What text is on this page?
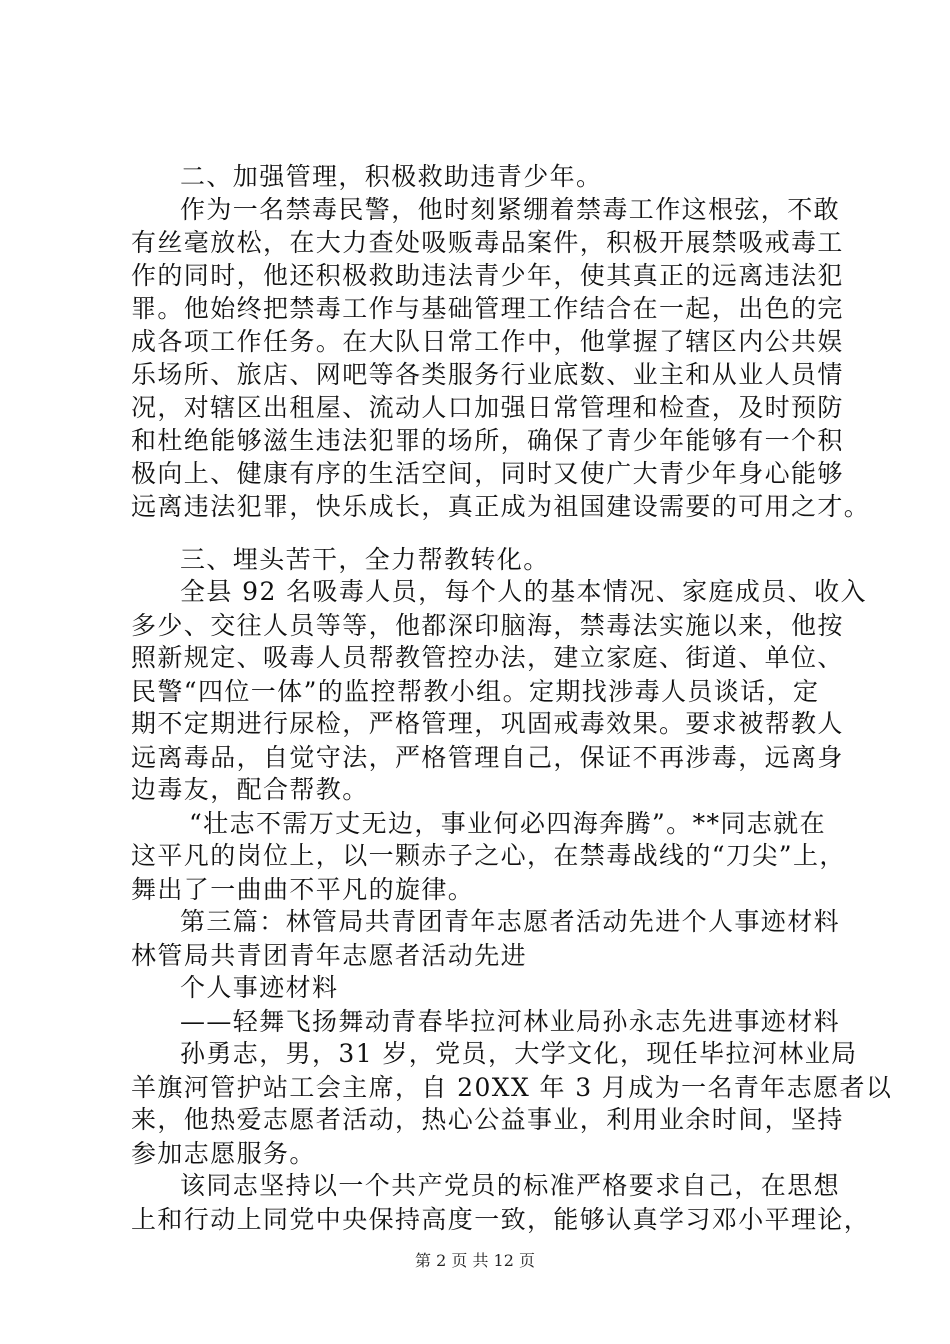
二、加强管理，积极救助违青少年。
作为一名禁毒民警，他时刻紧绷着禁毒工作这根弦，不敢
有丝毫放松，在大力查处吸贩毒品案件，积极开展禁吸戒毒工
作的同时，他还积极救助违法青少年，使其真正的远离违法犯
罪。他始终把禁毒工作与基础管理工作结合在一起，出色的完
成各项工作任务。在大队日常工作中，他掌握了辖区内公共娱
乐场所、旅店、网吧等各类服务行业底数、业主和从业人员情
况，对辖区出租屋、流动人口加强日常管理和检查，及时预防
和杜绝能够滋生违法犯罪的场所，确保了青少年能够有一个积
极向上、健康有序的生活空间，同时又使广大青少年身心能够
远离违法犯罪，快乐成长，真正成为祖国建设需要的可用之才。
三、埋头苦干，全力帮教转化。
全县 92 名吸毒人员，每个人的基本情况、家庭成员、收入
多少、交往人员等等，他都深印脑海，禁毒法实施以来，他按
照新规定、吸毒人员帮教管控办法，建立家庭、街道、单位、
民警“四位一体”的监控帮教小组。定期找涉毒人员谈话，定
期不定期进行尿检，严格管理，巩固戒毒效果。要求被帮教人
远离毒品，自觉守法，严格管理自己，保证不再涉毒，远离身
边毒友，配合帮教。
“壮志不需万丈无边，事业何必四海奔腾”。**同志就在
这平凡的岗位上，以一颗赤子之心，在禁毒战线的“刀尖”上，
舞出了一曲曲不平凡的旋律。
第三篇：林管局共青团青年志愿者活动先进个人事迹材料
林管局共青团青年志愿者活动先进
个人事迹材料
——轻舞飞扬舞动青春毕拉河林业局孙永志先进事迹材料
孙勇志，男，31 岁，党员，大学文化，现任毕拉河林业局
羊旗河管护站工会主席，自 20XX 年 3 月成为一名青年志愿者以
来，他热爱志愿者活动，热心公益事业，利用业余时间，坚持
参加志愿服务。
该同志坚持以一个共产党员的标准严格要求自己，在思想
上和行动上同党中央保持高度一致，能够认真学习邓小平理论，
第 2 页 共 12 页
